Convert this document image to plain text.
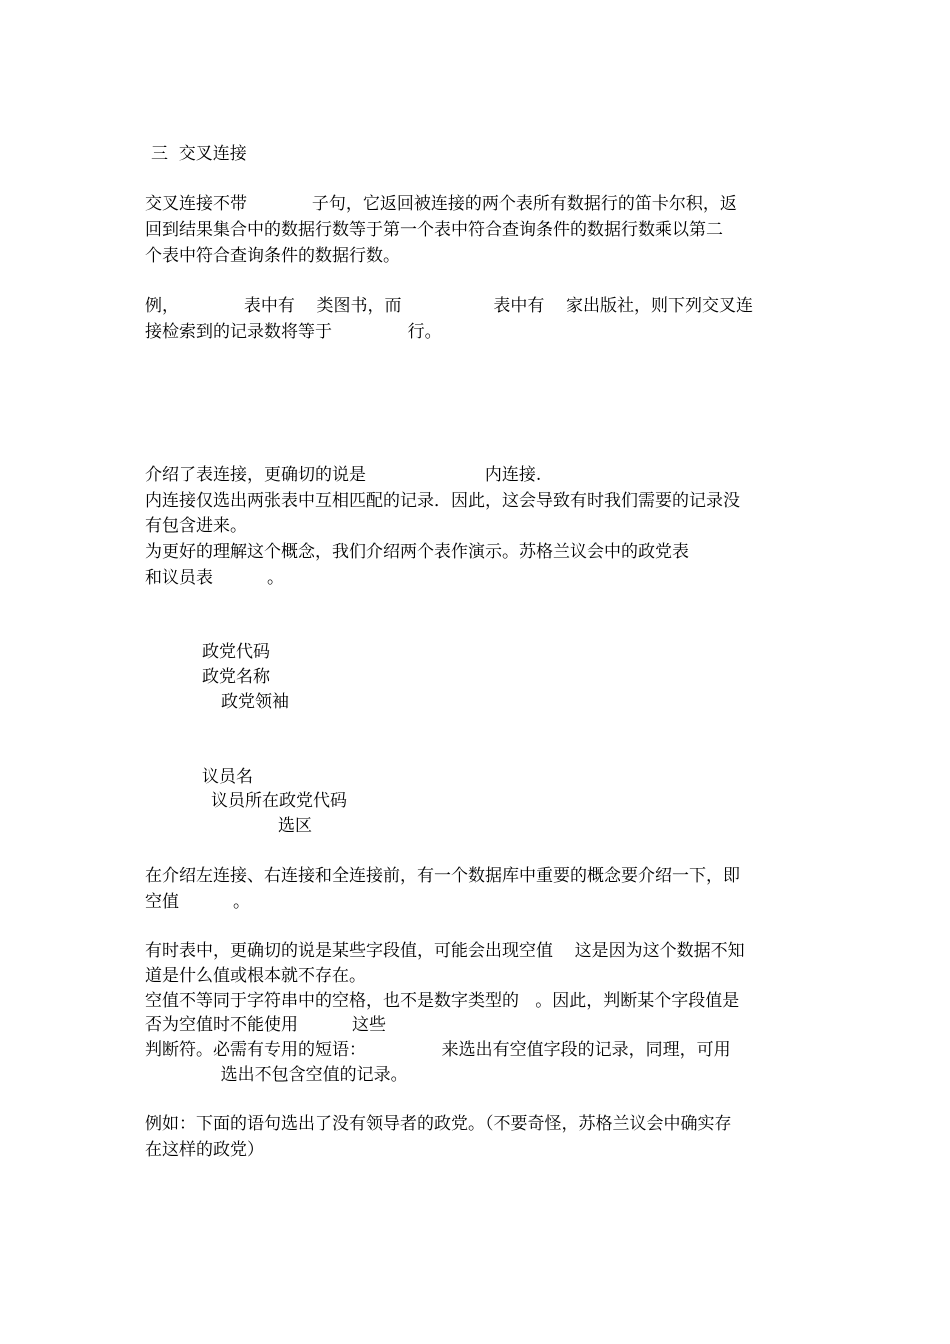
三  交叉连接
交叉连接不带            子句，它返回被连接的两个表所有数据行的笛卡尔积，返
回到结果集合中的数据行数等于第一个表中符合查询条件的数据行数乘以第二
个表中符合查询条件的数据行数。
例，            表中有    类图书，而                 表中有    家出版社，则下列交叉连
接检索到的记录数将等于              行。
介绍了表连接，更确切的说是                      内连接.
内连接仅选出两张表中互相匹配的记录．因此，这会导致有时我们需要的记录没
有包含进来。
为更好的理解这个概念，我们介绍两个表作演示。苏格兰议会中的政党表
和议员表          。
政党代码
政党名称
政党领袖
议员名
议员所在政党代码
选区
在介绍左连接、右连接和全连接前，有一个数据库中重要的概念要介绍一下，即
空值          。
有时表中，更确切的说是某些字段值，可能会出现空值    这是因为这个数据不知
道是什么值或根本就不存在。
空值不等同于字符串中的空格，也不是数字类型的   。因此，判断某个字段值是
否为空值时不能使用          这些
判断符。必需有专用的短语：              来选出有空值字段的记录，同理，可用
选出不包含空值的记录。
例如：下面的语句选出了没有领导者的政党。（不要奇怪，苏格兰议会中确实存
在这样的政党）
